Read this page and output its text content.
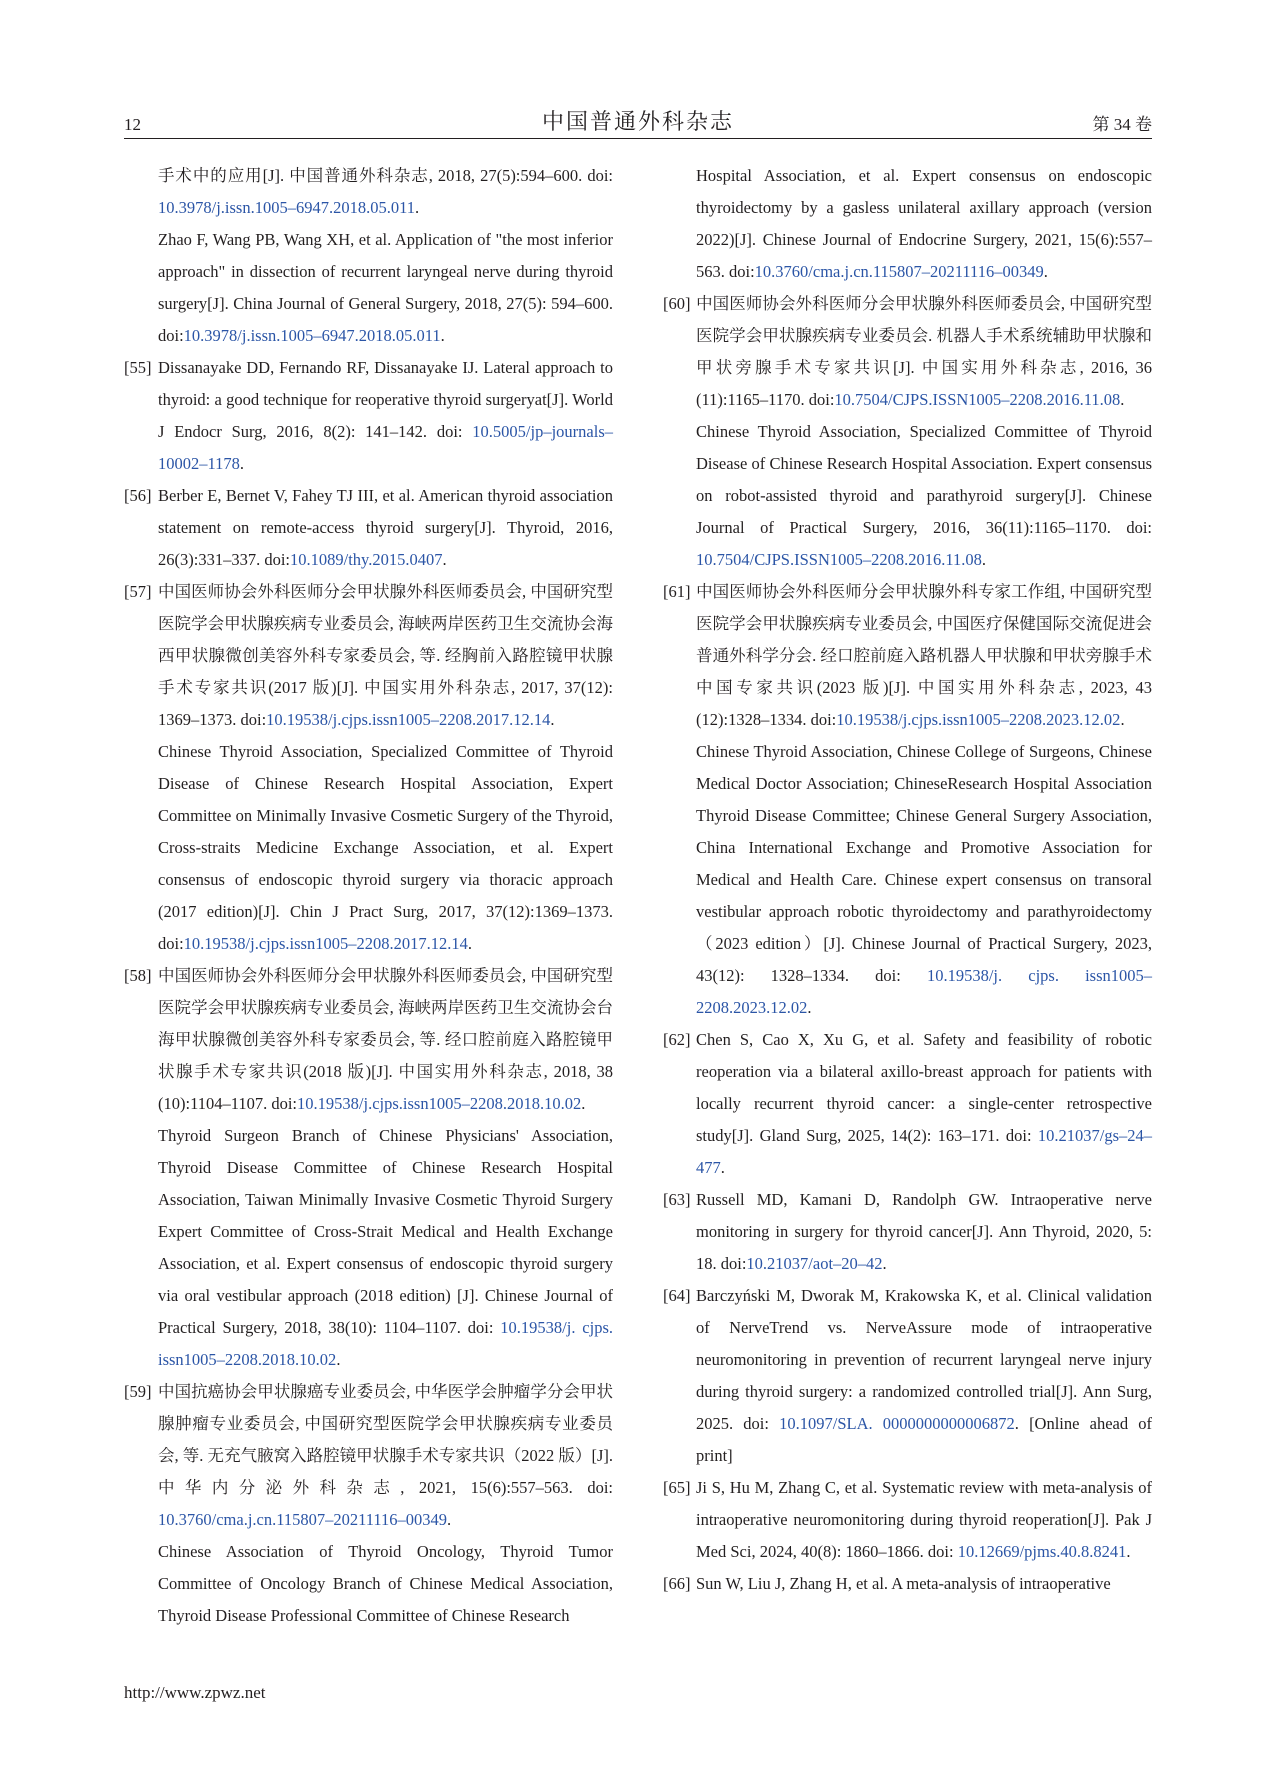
12	中国普通外科杂志	第 34 卷
手术中的应用[J]. 中国普通外科杂志, 2018, 27(5):594–600. doi: 10.3978/j.issn.1005–6947.2018.05.011.
Zhao F, Wang PB, Wang XH, et al. Application of "the most inferior approach" in dissection of recurrent laryngeal nerve during thyroid surgery[J]. China Journal of General Surgery, 2018, 27(5): 594–600. doi:10.3978/j.issn.1005–6947.2018.05.011.
[55] Dissanayake DD, Fernando RF, Dissanayake IJ. Lateral approach to thyroid: a good technique for reoperative thyroid surgeryat[J]. World J Endocr Surg, 2016, 8(2): 141–142. doi: 10.5005/jp–journals–10002–1178.
[56] Berber E, Bernet V, Fahey TJ III, et al. American thyroid association statement on remote-access thyroid surgery[J]. Thyroid, 2016, 26(3):331–337. doi:10.1089/thy.2015.0407.
[57] 中国医师协会外科医师分会甲状腺外科医师委员会, 中国研究型医院学会甲状腺疾病专业委员会, 海峡两岸医药卫生交流协会海西甲状腺微创美容外科专家委员会, 等. 经胸前入路腔镜甲状腺手术专家共识(2017 版)[J]. 中国实用外科杂志, 2017, 37(12): 1369–1373. doi:10.19538/j.cjps.issn1005–2208.2017.12.14.
Chinese Thyroid Association, Specialized Committee of Thyroid Disease of Chinese Research Hospital Association, Expert Committee on Minimally Invasive Cosmetic Surgery of the Thyroid, Cross-straits Medicine Exchange Association, et al. Expert consensus of endoscopic thyroid surgery via thoracic approach (2017 edition)[J]. Chin J Pract Surg, 2017, 37(12):1369–1373. doi:10.19538/j.cjps.issn1005–2208.2017.12.14.
[58] 中国医师协会外科医师分会甲状腺外科医师委员会, 中国研究型医院学会甲状腺疾病专业委员会, 海峡两岸医药卫生交流协会台海甲状腺微创美容外科专家委员会, 等. 经口腔前庭入路腔镜甲状腺手术专家共识(2018 版)[J]. 中国实用外科杂志, 2018, 38 (10):1104–1107. doi:10.19538/j.cjps.issn1005–2208.2018.10.02.
Thyroid Surgeon Branch of Chinese Physicians' Association, Thyroid Disease Committee of Chinese Research Hospital Association, Taiwan Minimally Invasive Cosmetic Thyroid Surgery Expert Committee of Cross-Strait Medical and Health Exchange Association, et al. Expert consensus of endoscopic thyroid surgery via oral vestibular approach (2018 edition) [J]. Chinese Journal of Practical Surgery, 2018, 38(10): 1104–1107. doi: 10.19538/j. cjps. issn1005–2208.2018.10.02.
[59] 中国抗癌协会甲状腺癌专业委员会, 中华医学会肿瘤学分会甲状腺肿瘤专业委员会, 中国研究型医院学会甲状腺疾病专业委员会, 等. 无充气腋窝入路腔镜甲状腺手术专家共识（2022 版）[J]. 中华内分泌外科杂志, 2021, 15(6):557–563. doi: 10.3760/cma.j.cn.115807–20211116–00349.
Chinese Association of Thyroid Oncology, Thyroid Tumor Committee of Oncology Branch of Chinese Medical Association, Thyroid Disease Professional Committee of Chinese Research
Hospital Association, et al. Expert consensus on endoscopic thyroidectomy by a gasless unilateral axillary approach (version 2022)[J]. Chinese Journal of Endocrine Surgery, 2021, 15(6):557–563. doi:10.3760/cma.j.cn.115807–20211116–00349.
[60] 中国医师协会外科医师分会甲状腺外科医师委员会, 中国研究型医院学会甲状腺疾病专业委员会. 机器人手术系统辅助甲状腺和甲状旁腺手术专家共识[J]. 中国实用外科杂志, 2016, 36 (11):1165–1170. doi:10.7504/CJPS.ISSN1005–2208.2016.11.08.
Chinese Thyroid Association, Specialized Committee of Thyroid Disease of Chinese Research Hospital Association. Expert consensus on robot-assisted thyroid and parathyroid surgery[J]. Chinese Journal of Practical Surgery, 2016, 36(11):1165–1170. doi: 10.7504/CJPS.ISSN1005–2208.2016.11.08.
[61] 中国医师协会外科医师分会甲状腺外科专家工作组, 中国研究型医院学会甲状腺疾病专业委员会, 中国医疗保健国际交流促进会普通外科学分会. 经口腔前庭入路机器人甲状腺和甲状旁腺手术中国专家共识(2023 版)[J]. 中国实用外科杂志, 2023, 43 (12):1328–1334. doi:10.19538/j.cjps.issn1005–2208.2023.12.02.
Chinese Thyroid Association, Chinese College of Surgeons, Chinese Medical Doctor Association; ChineseResearch Hospital Association Thyroid Disease Committee; Chinese General Surgery Association, China International Exchange and Promotive Association for Medical and Health Care. Chinese expert consensus on transoral vestibular approach robotic thyroidectomy and parathyroidectomy（2023 edition）[J]. Chinese Journal of Practical Surgery, 2023, 43(12): 1328–1334. doi: 10.19538/j. cjps. issn1005–2208.2023.12.02.
[62] Chen S, Cao X, Xu G, et al. Safety and feasibility of robotic reoperation via a bilateral axillo-breast approach for patients with locally recurrent thyroid cancer: a single-center retrospective study[J]. Gland Surg, 2025, 14(2): 163–171. doi: 10.21037/gs–24–477.
[63] Russell MD, Kamani D, Randolph GW. Intraoperative nerve monitoring in surgery for thyroid cancer[J]. Ann Thyroid, 2020, 5: 18. doi:10.21037/aot–20–42.
[64] Barczyński M, Dworak M, Krakowska K, et al. Clinical validation of NerveTrend vs. NerveAssure mode of intraoperative neuromonitoring in prevention of recurrent laryngeal nerve injury during thyroid surgery: a randomized controlled trial[J]. Ann Surg, 2025. doi: 10.1097/SLA. 0000000000006872. [Online ahead of print]
[65] Ji S, Hu M, Zhang C, et al. Systematic review with meta-analysis of intraoperative neuromonitoring during thyroid reoperation[J]. Pak J Med Sci, 2024, 40(8): 1860–1866. doi: 10.12669/pjms.40.8.8241.
[66] Sun W, Liu J, Zhang H, et al. A meta-analysis of intraoperative
http://www.zpwz.net
